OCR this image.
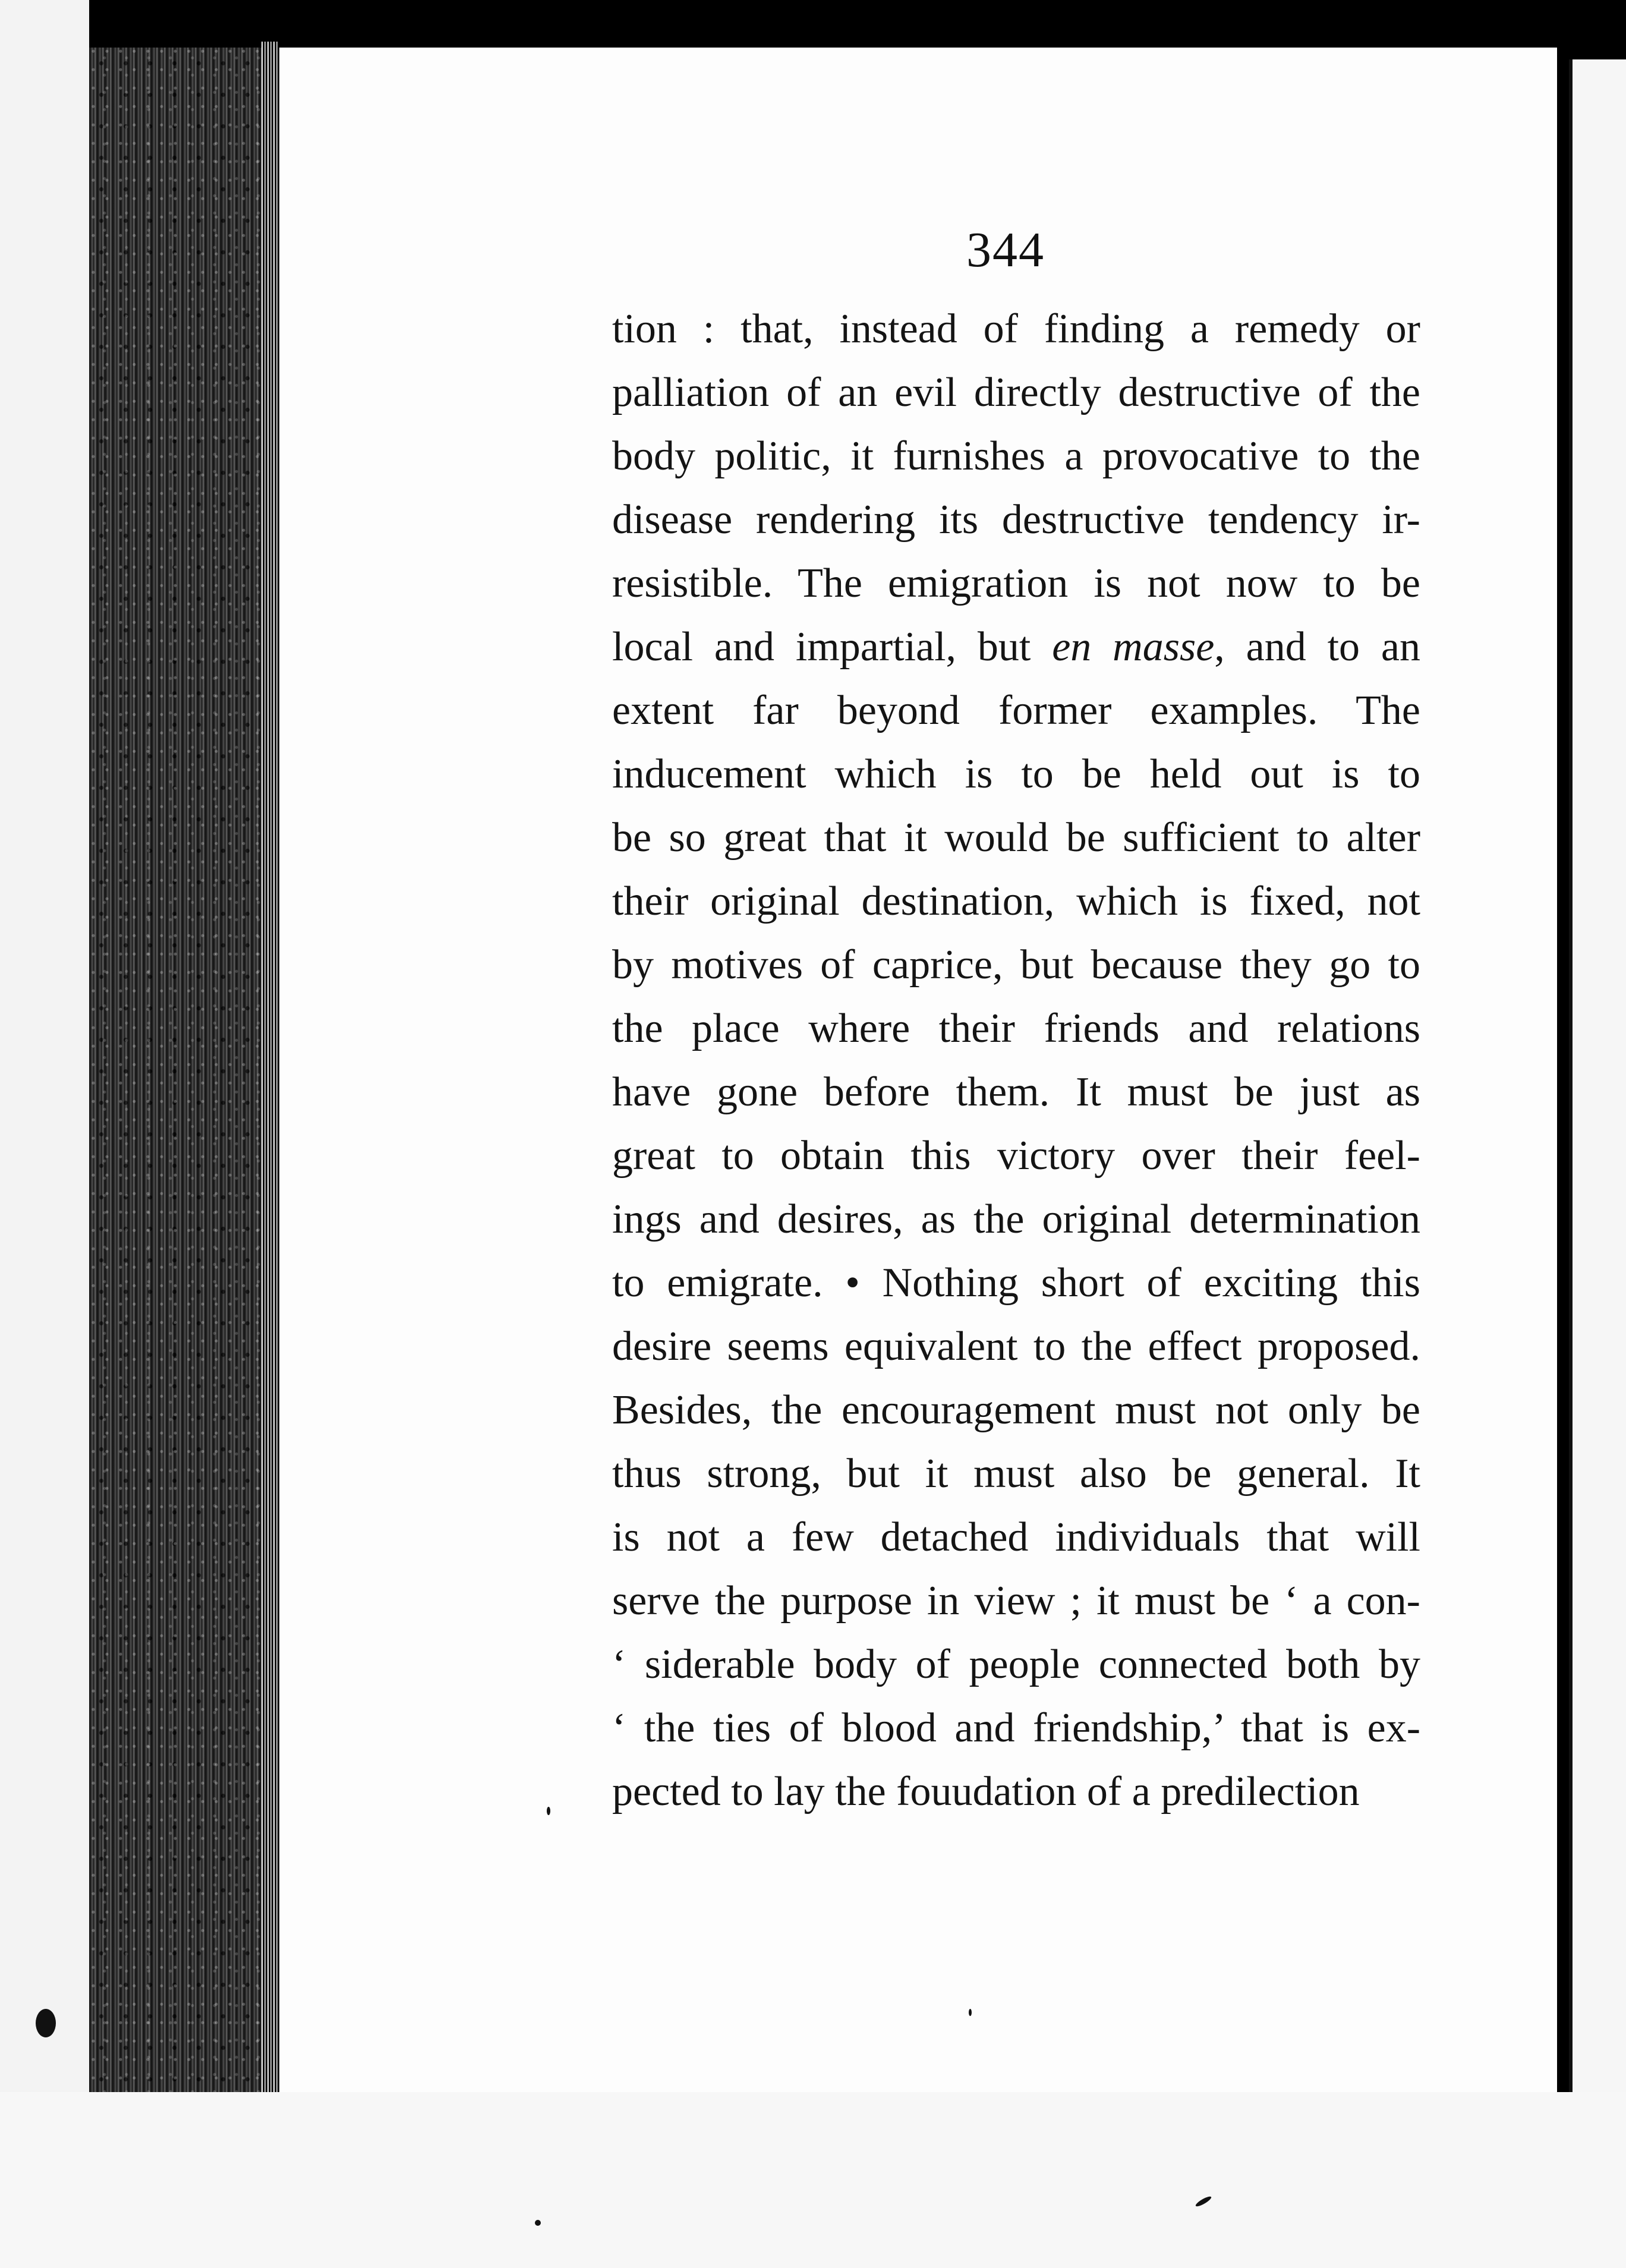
344
tion : that, instead of finding a remedy or
palliation of an evil directly destructive of the
body politic, it furnishes a provocative to the
disease rendering its destructive tendency ir-
resistible. The emigration is not now to be
local and impartial, but en masse, and to an
extent far beyond former examples. The
inducement which is to be held out is to
be so great that it would be sufficient to alter
their original destination, which is fixed, not
by motives of caprice, but because they go to
the place where their friends and relations
have gone before them. It must be just as
great to obtain this victory over their feel-
ings and desires, as the original determination
to emigrate. • Nothing short of exciting this
desire seems equivalent to the effect proposed.
Besides, the encouragement must not only be
thus strong, but it must also be general. It
is not a few detached individuals that will
serve the purpose in view ; it must be ‘ a con-
‘ siderable body of people connected both by
‘ the ties of blood and friendship,’ that is ex-
pected to lay the fouudation of a predilection
